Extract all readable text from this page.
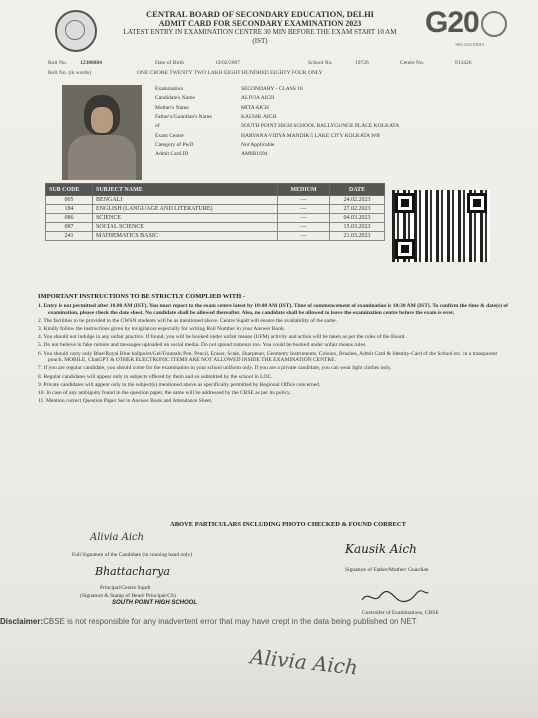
CENTRAL BOARD OF SECONDARY EDUCATION, DELHI
ADMIT CARD FOR SECONDARY EXAMINATION 2023
LATEST ENTRY IN EXAMINATION CENTRE 30 MIN BEFORE THE EXAM START 10 AM
(IST)
G20
भारत 2023 INDIA
Roll No. 12380884	Date of Birth	19/02/2007	School No.	19726	Centre No.	813426
Roll No. (in words)	ONE CRORE TWENTY TWO LAKH EIGHT HUNDRED EIGHTY FOUR ONLY
Examination	SECONDARY - CLASS 10
Candidate's Name	ALIVIA AICH
Mother's Name	MITA AICH
Father's/Guardian's Name	KAUSIK AICH
of	SOUTH POINT HIGH SCHOOL BALLYGUNGE PLACE KOLKATA
Exam Centre	HARYANA VIDYA MANDIR 5 LAKE CITY KOLKATA WB
Category of PwD	Not Applicable
Admit Card ID	AM8B1S94
SUB CODE	SUBJECT NAME	MEDIUM	DATE
005	BENGALI	—	24.02.2023
184	ENGLISH (LANGUAGE AND LITERATURE)	—	27.02.2023
086	SCIENCE	—	04.03.2023
087	SOCIAL SCIENCE	—	15.03.2023
241	MATHEMATICS BASIC	—	21.03.2023
IMPORTANT INSTRUCTIONS TO BE STRICTLY COMPLIED WITH -

1. Entry is not permitted after 10.00 AM (IST). You must report to the exam centre latest by 10:00 AM (IST). Time of commencement of examination is 10:30 AM (IST). To confirm the time & date(s) of examination, please check the date sheet. No candidate shall be allowed thereafter. Also, no candidate shall be allowed to leave the examination centre before the exam is over.

2. The facilities to be provided to the CWSN students will be as mentioned above. Centre Supdt will ensure the availability of the same.

3. Kindly follow the instructions given by invigilators especially for writing Roll Number in your Answer Book.

4. You should not indulge in any unfair practice. If found, you will be booked under unfair means (UFM) activity and action will be taken as per the rules of the Board.

5. Do not believe in fake rumors and messages uploaded on social media. Do not spread rumours too. You could be booked under unfair means rules.

6. You should carry only Blue/Royal Blue ballpoint/Gel/Fountain Pen, Pencil, Eraser, Scale, Sharpener, Geometry Instruments, Colours, Brushes, Admit Card & Identity-Card of the School etc. in a transparent pouch. MOBILE, ChatGPT & OTHER ELECTRONIC ITEMS ARE NOT ALLOWED INSIDE THE EXAMINATION CENTRE.

7. If you are regular candidate, you should come for the examination in your school uniform only. If you are a private candidate, you can wear light clothes only.

8. Regular candidates will appear only in subjects offered by them and so submitted by the school in LOC.

9. Private candidates will appear only in the subject(s) mentioned above as specifically permitted by Regional Office concerned.

10. In case of any ambiguity found in the question paper, the same will be addressed by the CBSE as per its policy.

11. Mention correct Question Paper Set in Answer Book and Attendance Sheet.

ABOVE PARTICULARS INCLUDING PHOTO CHECKED & FOUND CORRECT
Alivia Aich
Full Signature of the Candidate (in running hand only)	Kausik Aich
Signature of Father/Mother/ Guardian
Bhattacharya
Principal/Centre Supdt
(Signature & Stamp of Head/ Principal/CS)
SOUTH POINT HIGH SCHOOL
Controller of Examinations, CBSE
Disclaimer:CBSE is not responsible for any inadvertent error that may have crept in the data being published on NET
Alivia Aich
